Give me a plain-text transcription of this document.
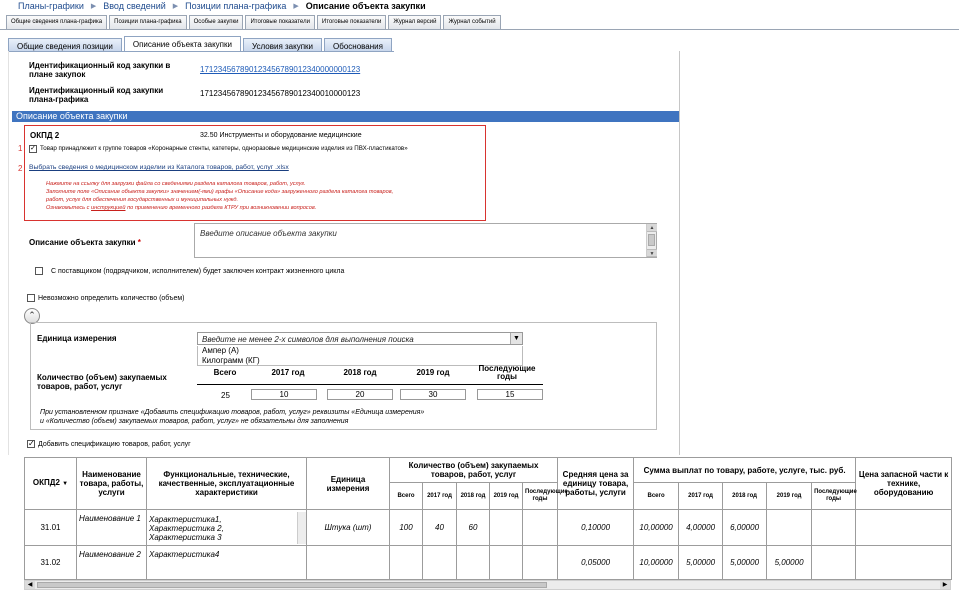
Планы-графики ▶ Ввод сведений ▶ Позиции плана-графика ▶ Описание объекта закупки
Общие сведения плана-графика	Позиции плана-графика	Особые закупки	Итоговые показатели	Итоговые показатели	Журнал версий	Журнал событий
Общие сведения позиции	Описание объекта закупки	Условия закупки	Обоснования
Идентификационный код закупки в плане закупок
171234567890123456789012340000000123
Идентификационный код закупки плана-графика
171234567890123456789012340010000123
Описание объекта закупки
ОКПД 2	32.50 Инструменты и оборудование медицинские
1 ✓ Товар принадлежит к группе товаров «Коронарные стенты, катетеры, одноразовые медицинские изделия из ПВХ-пластикатов»
2 Выбрать сведения о медицинском изделии из Каталога товаров, работ, услуг .xlsx
Нажмите на ссылку для загрузки файла со сведениями раздела каталога товаров, работ, услуг.
Заполните поле «Описание объекта закупки» значением(-ями) графы «Описание кода» загруженного раздела каталога товаров,
работ, услуг для обеспечения государственных и муниципальных нужд.
Ознакомьтесь с инструкцией по применению временного раздела КТРУ при возникновении вопросов.
Описание объекта закупки *
Введите описание объекта закупки
▲
▼
С поставщиком (подрядчиком, исполнителем) будет заключен контракт жизненного цикла
Невозможно определить количество (объем)
⌃
Единица измерения	Введите не менее 2-х символов для выполнения поиска	▼
Ампер (А)
Килограмм (КГ)
Количество (объем) закупаемых товаров, работ, услуг
Всего	2017 год	2018 год	2019 год	Последующие годы
25	10	20	30	15
При установленном признаке «Добавить спецификацию товаров, работ, услуг» реквизиты «Единица измерения»
и «Количество (объем) закупаемых товаров, работ, услуг» не обязательны для заполнения
✓ Добавить спецификацию товаров, работ, услуг
ОКПД2 ▼	Наименование товара, работы, услуги	Функциональные, технические, качественные, эксплуатационные характеристики	Единица измерения	Количество (объем) закупаемых товаров, работ, услуг					Средняя цена за единицу товара, работы, услуги	Сумма выплат по товару, работе, услуге, тыс. руб.					Цена запасной части к технике, оборудованию
				Всего	2017 год	2018 год	2019 год	Последующие годы		Всего	2017 год	2018 год	2019 год	Последующие годы	
31.01	Наименование 1	Характеристика1,
Характеристика 2,
Характеристика 3	Штука (шт)	100	40	60			0,10000	10,00000	4,00000	6,00000			
31.02	Наименование 2	Характеристика4							0,05000	10,00000	5,00000	5,00000	5,00000		
◀	▶
